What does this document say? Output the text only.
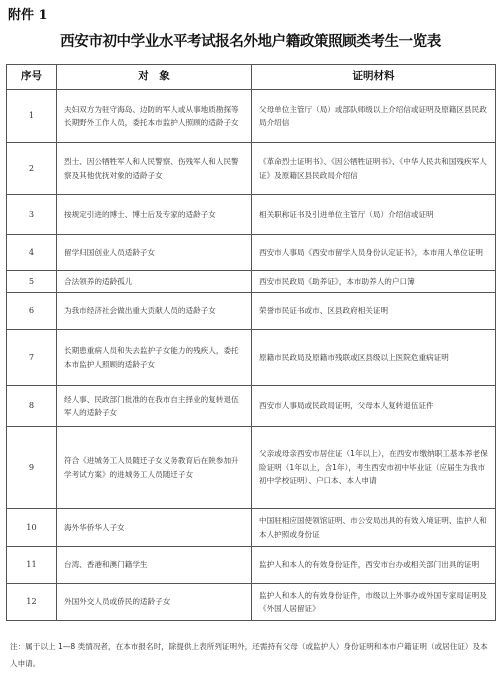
附件 1
西安市初中学业水平考试报名外地户籍政策照顾类考生一览表
序号	对　象	证明材料
1	夫妇双方为驻守海岛、边防的军人或从事地质勘探等长期野外工作人员，委托本市监护人照顾的适龄子女	父母单位主管厅（局）或部队师级以上介绍信或证明及原籍区县民政局介绍信
2	烈士、因公牺牲军人和人民警察、伤残军人和人民警察及其他优抚对象的适龄子女	《革命烈士证明书》、《因公牺牲证明书》、《中华人民共和国残疾军人证》及原籍区县民政局介绍信
3	按规定引进的博士、博士后及专家的适龄子女	相关职称证书及引进单位主管厅（局）介绍信或证明
4	留学归国创业人员适龄子女	西安市人事局《西安市留学人员身份认定证书》，本市用人单位证明
5	合法领养的适龄孤儿	西安市民政局《助养证》，本市助养人的户口簿
6	为我市经济社会做出重大贡献人员的适龄子女	荣誉市民证书或市、区县政府相关证明
7	长期患重病人员和失去监护子女能力的残疾人，委托本市监护人照顾的适龄子女	原籍市民政局及原籍市残联或区县级以上医院危重病证明
8	经人事、民政部门批准的在我市自主择业的复转退伍军人的适龄子女	西安市人事局或民政局证明，父母本人复转退伍证件
9	符合《进城务工人员随迁子女义务教育后在陕参加升学考试方案》的进城务工人员随迁子女	父亲或母亲西安市居住证（1年以上），在西安市缴纳职工基本养老保险证明（1年以上，含1年），考生西安市初中毕业证（应届生为我市初中学校证明）、户口本、本人申请
10	海外华侨华人子女	中国驻相应国使领馆证明、市公安局出具的有效入境证明、监护人和本人护照或身份证
11	台湾、香港和澳门籍学生	监护人和本人的有效身份证件，西安市台办或相关部门出具的证明
12	外国外交人员或侨民的适龄子女	监护人和本人的有效身份证件，市级以上外事办或外国专家局证明及《外国人居留证》
注：属于以上 1—8 类情况者，在本市报名时，除提供上表所列证明外，还需持有父母（或监护人）身份证明和本市户籍证明（或居住证）及本人申请。
